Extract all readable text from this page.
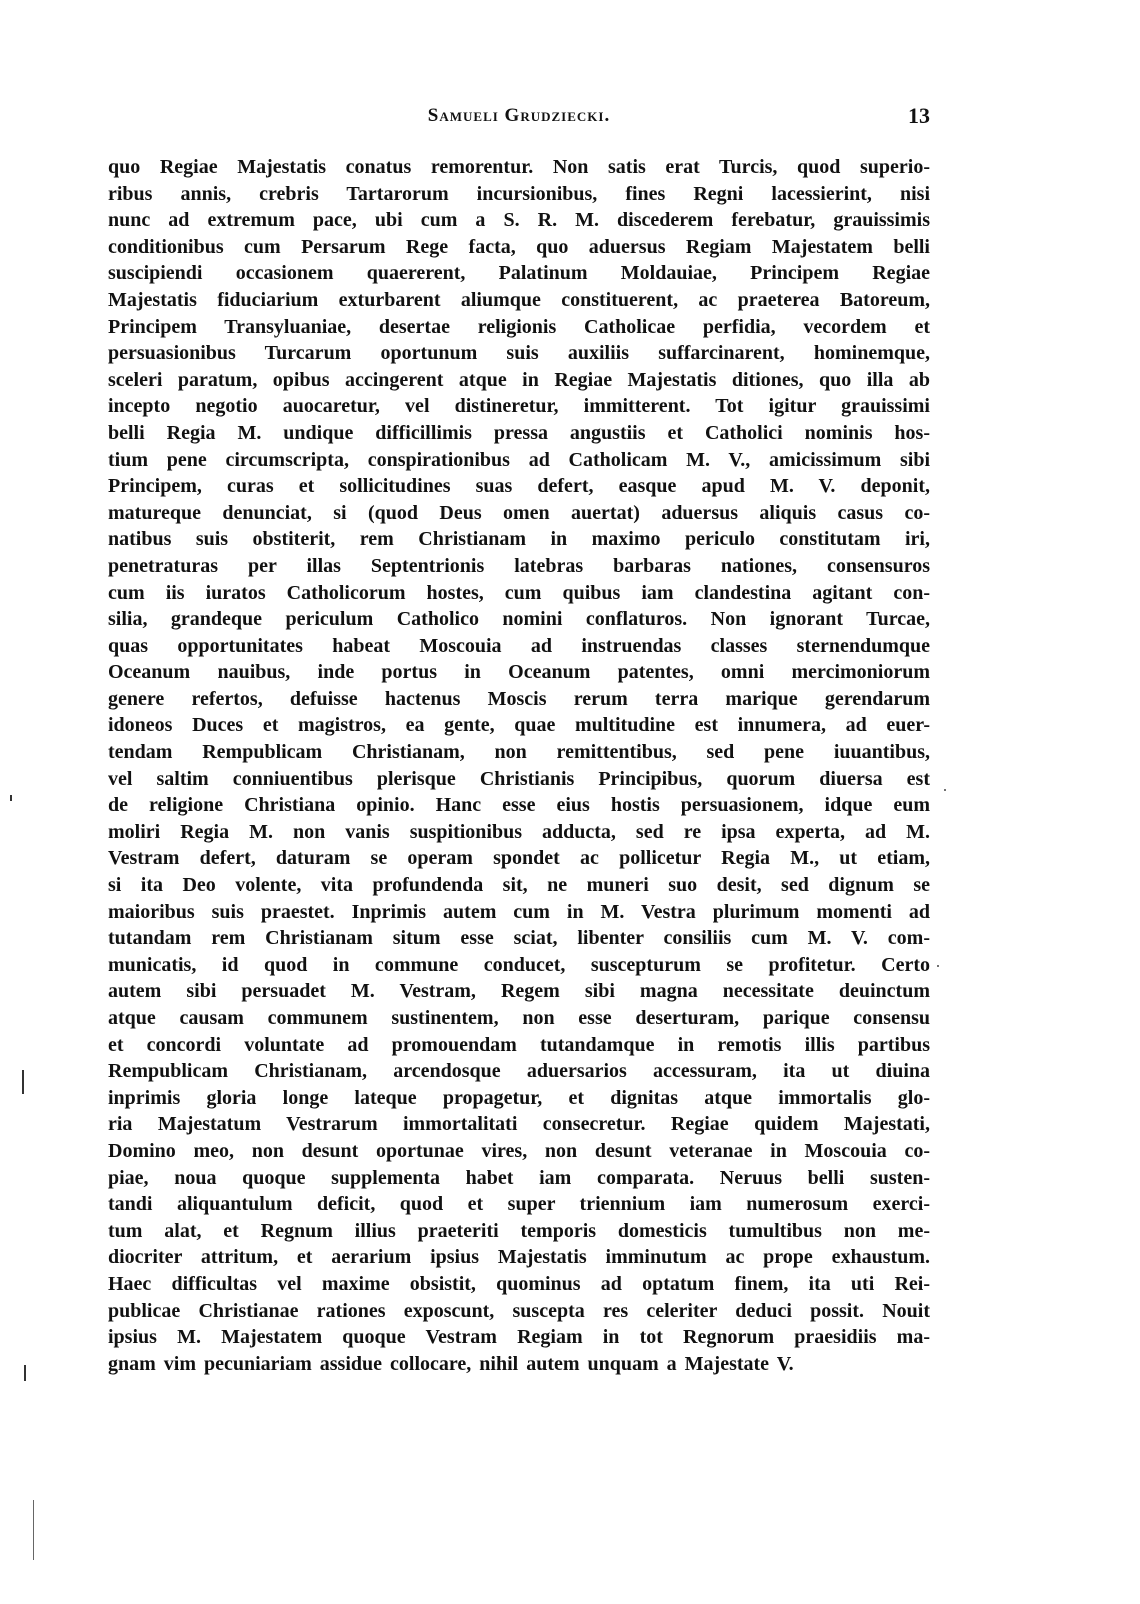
Samueli Grudziecki.	13
quo Regiae Majestatis conatus remorentur. Non satis erat Turcis, quod superio-
ribus annis, crebris Tartarorum incursionibus, fines Regni lacessierint, nisi
nunc ad extremum pace, ubi cum a S. R. M. discederem ferebatur, grauissimis
conditionibus cum Persarum Rege facta, quo aduersus Regiam Majestatem belli
suscipiendi occasionem quaererent, Palatinum Moldauiae, Principem Regiae
Majestatis fiduciarium exturbarent aliumque constituerent, ac praeterea Batoreum,
Principem Transyluaniae, desertae religionis Catholicae perfidia, vecordem et
persuasionibus Turcarum oportunum suis auxiliis suffarcinarent, hominemque,
sceleri paratum, opibus accingerent atque in Regiae Majestatis ditiones, quo illa ab
incepto negotio auocaretur, vel distineretur, immitterent. Tot igitur grauissimi
belli Regia M. undique difficillimis pressa angustiis et Catholici nominis hos-
tium pene circumscripta, conspirationibus ad Catholicam M. V., amicissimum sibi
Principem, curas et sollicitudines suas defert, easque apud M. V. deponit,
matureque denunciat, si (quod Deus omen auertat) aduersus aliquis casus co-
natibus suis obstiterit, rem Christianam in maximo periculo constitutam iri,
penetraturas per illas Septentrionis latebras barbaras nationes, consensuros
cum iis iuratos Catholicorum hostes, cum quibus iam clandestina agitant con-
silia, grandeque periculum Catholico nomini conflaturos. Non ignorant Turcae,
quas opportunitates habeat Moscouia ad instruendas classes sternendumque
Oceanum nauibus, inde portus in Oceanum patentes, omni mercimoniorum
genere refertos, defuisse hactenus Moscis rerum terra marique gerendarum
idoneos Duces et magistros, ea gente, quae multitudine est innumera, ad euer-
tendam Rempublicam Christianam, non remittentibus, sed pene iuuantibus,
vel saltim conniuentibus plerisque Christianis Principibus, quorum diuersa est
de religione Christiana opinio. Hanc esse eius hostis persuasionem, idque eum
moliri Regia M. non vanis suspitionibus adducta, sed re ipsa experta, ad M.
Vestram defert, daturam se operam spondet ac pollicetur Regia M., ut etiam,
si ita Deo volente, vita profundenda sit, ne muneri suo desit, sed dignum se
maioribus suis praestet. Inprimis autem cum in M. Vestra plurimum momenti ad
tutandam rem Christianam situm esse sciat, libenter consiliis cum M. V. com-
municatis, id quod in commune conducet, suscepturum se profitetur. Certo
autem sibi persuadet M. Vestram, Regem sibi magna necessitate deuinctum
atque causam communem sustinentem, non esse deserturam, parique consensu
et concordi voluntate ad promouendam tutandamque in remotis illis partibus
Rempublicam Christianam, arcendosque aduersarios accessuram, ita ut diuina
inprimis gloria longe lateque propagetur, et dignitas atque immortalis glo-
ria Majestatum Vestrarum immortalitati consecretur. Regiae quidem Majestati,
Domino meo, non desunt oportunae vires, non desunt veteranae in Moscouia co-
piae, noua quoque supplementa habet iam comparata. Neruus belli susten-
tandi aliquantulum deficit, quod et super triennium iam numerosum exerci-
tum alat, et Regnum illius praeteriti temporis domesticis tumultibus non me-
diocriter attritum, et aerarium ipsius Majestatis imminutum ac prope exhaustum.
Haec difficultas vel maxime obsistit, quominus ad optatum finem, ita uti Rei-
publicae Christianae rationes exposcunt, suscepta res celeriter deduci possit. Nouit
ipsius M. Majestatem quoque Vestram Regiam in tot Regnorum praesidiis ma-
gnam vim pecuniariam assidue collocare, nihil autem unquam a Majestate V.
